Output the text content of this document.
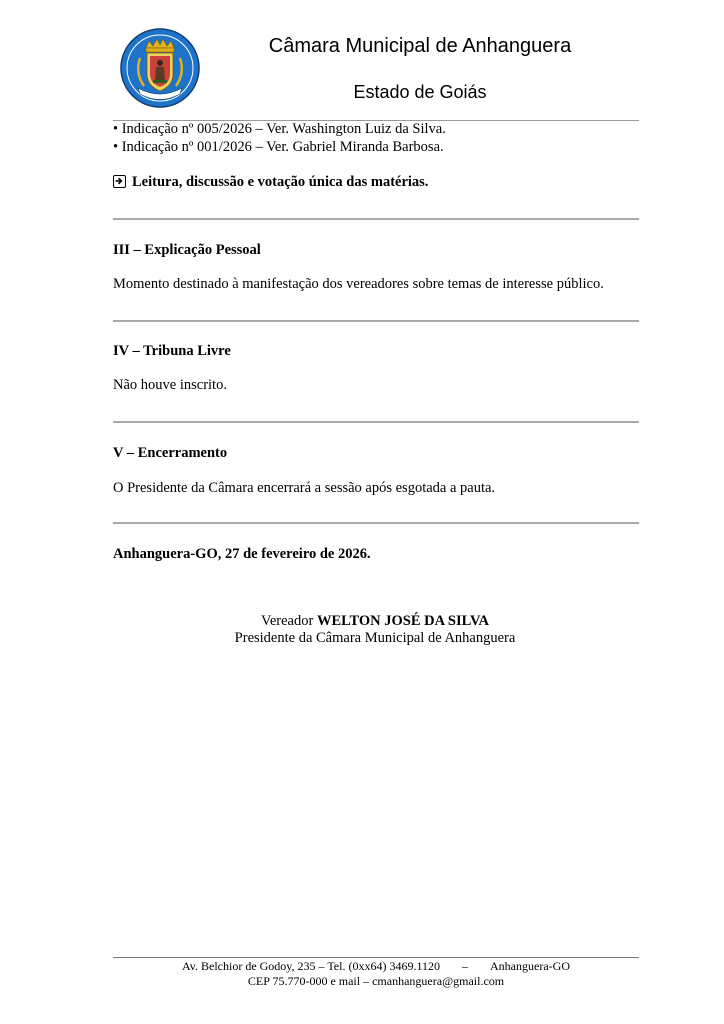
Câmara Municipal de Anhanguera
Estado de Goiás
• Indicação nº 005/2026 – Ver. Washington Luiz da Silva.
• Indicação nº 001/2026 – Ver. Gabriel Miranda Barbosa.
Leitura, discussão e votação única das matérias.
III – Explicação Pessoal
Momento destinado à manifestação dos vereadores sobre temas de interesse público.
IV – Tribuna Livre
Não houve inscrito.
V – Encerramento
O Presidente da Câmara encerrará a sessão após esgotada a pauta.
Anhanguera-GO, 27 de fevereiro de 2026.
Vereador WELTON JOSÉ DA SILVA
Presidente da Câmara Municipal de Anhanguera
Av. Belchior de Godoy, 235 – Tel. (0xx64) 3469.1120 – Anhanguera-GO
CEP 75.770-000 e mail – cmanhanguera@gmail.com
